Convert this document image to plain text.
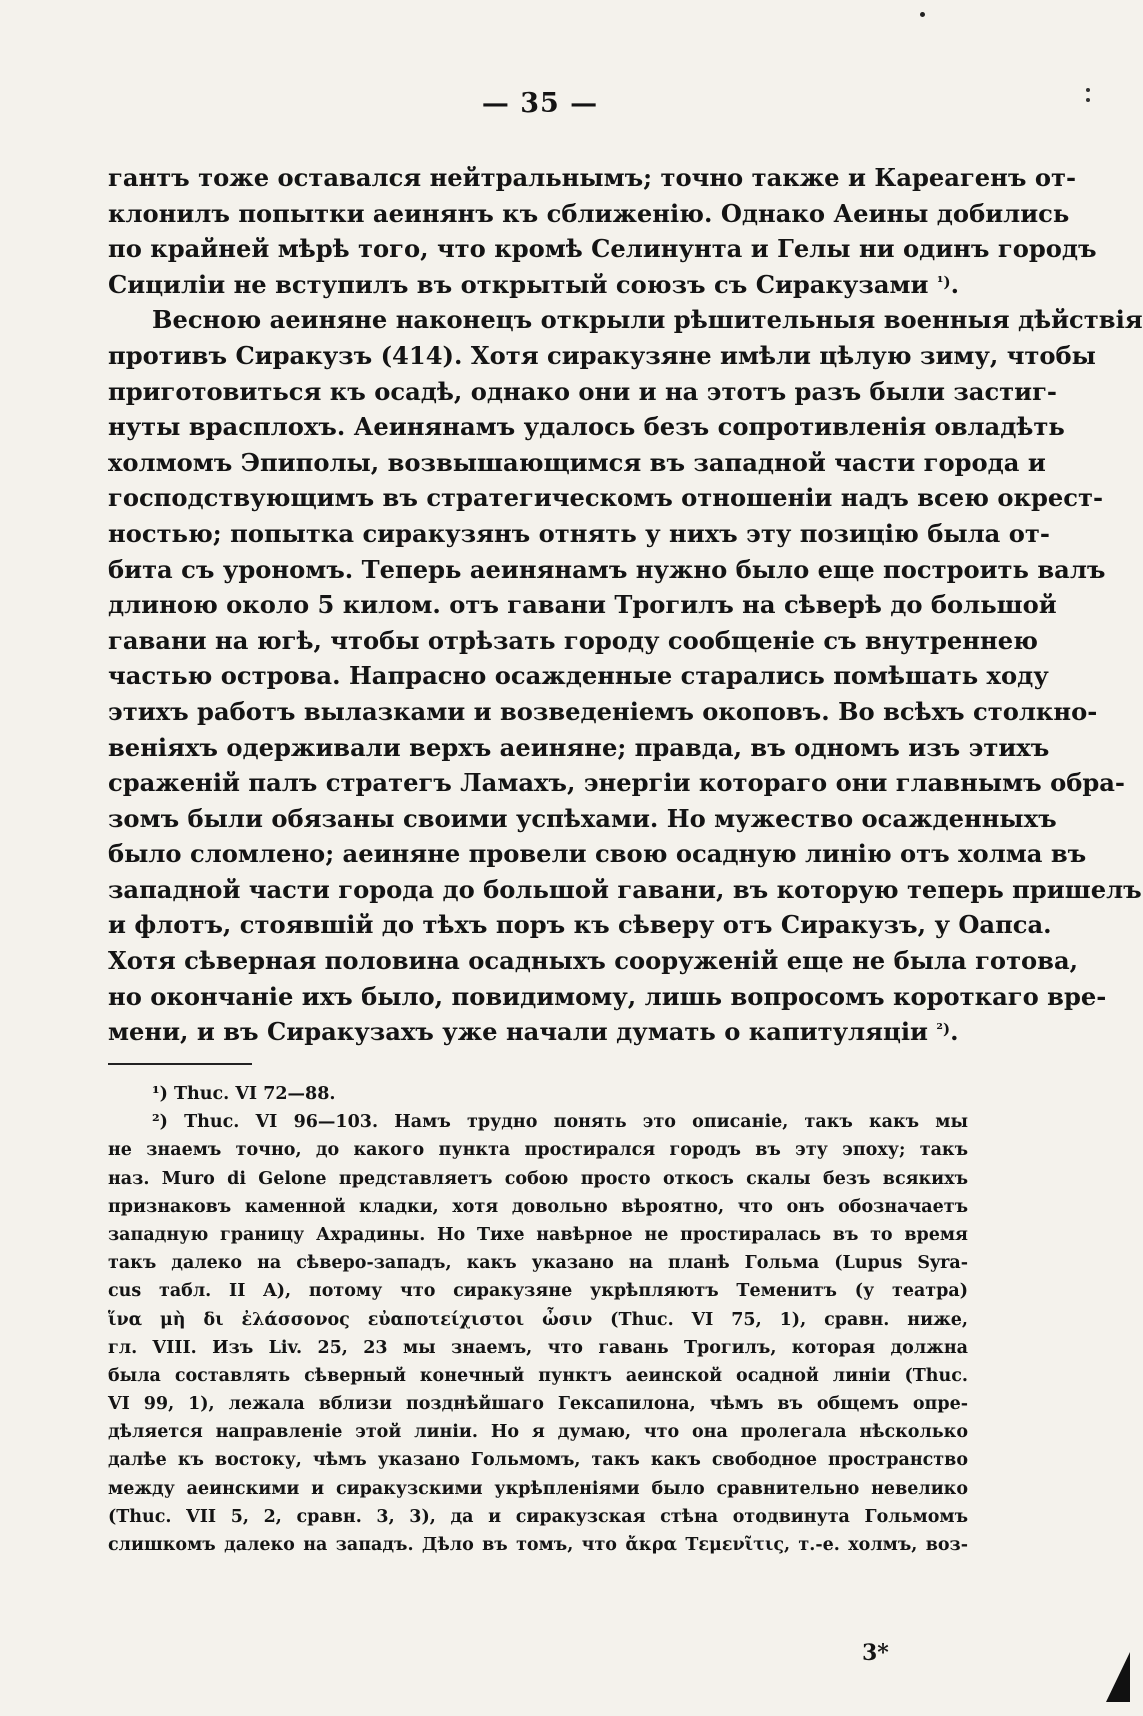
— 35 —
гантъ тоже оставался нейтральнымъ; точно также и Кареагенъ от-
клонилъ попытки аеинянъ къ сближенію. Однако Аеины добились
по крайней мѣрѣ того, что кромѣ Селинунта и Гелы ни одинъ городъ
Сициліи не вступилъ въ открытый союзъ съ Сиракузами $^{^1)}$.
Весною аеиняне наконецъ открыли рѣшительныя военныя дѣйствія
противъ Сиракузъ (414). Хотя сиракузяне имѣли цѣлую зиму, чтобы
приготовиться къ осадѣ, однако они и на этотъ разъ были застиг-
нуты врасплохъ. Аеинянамъ удалось безъ сопротивленія овладѣть
холмомъ Эпиполы, возвышающимся въ западной части города и
господствующимъ въ стратегическомъ отношеніи надъ всею окрест-
ностью; попытка сиракузянъ отнять у нихъ эту позицію была от-
бита съ урономъ. Теперь аеинянамъ нужно было еще построить валъ
длиною около 5 килом. отъ гавани Трогилъ на сѣверѣ до большой
гавани на югѣ, чтобы отрѣзать городу сообщеніе съ внутреннею
частью острова. Напрасно осажденные старались помѣшать ходу
этихъ работъ вылазками и возведеніемъ окоповъ. Во всѣхъ столкно-
веніяхъ одерживали верхъ аеиняне; правда, въ одномъ изъ этихъ
сраженій палъ стратегъ Ламахъ, энергіи котораго они главнымъ обра-
зомъ были обязаны своими успѣхами. Но мужество осажденныхъ
было сломлено; аеиняне провели свою осадную линію отъ холма въ
западной части города до большой гавани, въ которую теперь пришелъ
и флотъ, стоявшій до тѣхъ поръ къ сѣверу отъ Сиракузъ, у Оапса.
Хотя сѣверная половина осадныхъ сооруженій еще не была готова,
но окончаніе ихъ было, повидимому, лишь вопросомъ короткаго вре-
мени, и въ Сиракузахъ уже начали думать о капитуляціи $^{^2)}$.
¹) Thuc. VI 72—88.
²) Thuc. VI 96—103. Намъ трудно понять это описаніе, такъ какъ мы
не знаемъ точно, до какого пункта простирался городъ въ эту эпоху; такъ
наз. Muro di Gelone представляетъ собою просто откосъ скалы безъ всякихъ
признаковъ каменной кладки, хотя довольно вѣроятно, что онъ обозначаетъ
западную границу Ахрадины. Но Тихе навѣрное не простиралась въ то время
такъ далеко на сѣверо-западъ, какъ указано на планѣ Гольма (Lupus Syra-
cus табл. II A), потому что сиракузяне укрѣпляютъ Теменитъ (у театра)
ἵνα μὴ δι ἐλάσσονος εὐαποτείχιστοι ὦσιν (Thuc. VI 75, 1), сравн. ниже,
гл. VIII. Изъ Liv. 25, 23 мы знаемъ, что гавань Трогилъ, которая должна
была составлять сѣверный конечный пунктъ аеинской осадной линіи (Thuc.
VI 99, 1), лежала вблизи позднѣйшаго Гексапилона, чѣмъ въ общемъ опре-
дѣляется направленіе этой линіи. Но я думаю, что она пролегала нѣсколько
далѣе къ востоку, чѣмъ указано Гольмомъ, такъ какъ свободное пространство
между аеинскими и сиракузскими укрѣпленіями было сравнительно невелико
(Thuc. VII 5, 2, сравн. 3, 3), да и сиракузская стѣна отодвинута Гольмомъ
слишкомъ далеко на западъ. Дѣло въ томъ, что ἄκρα Τεμενῖτις, т.-е. холмъ, воз-
3*
